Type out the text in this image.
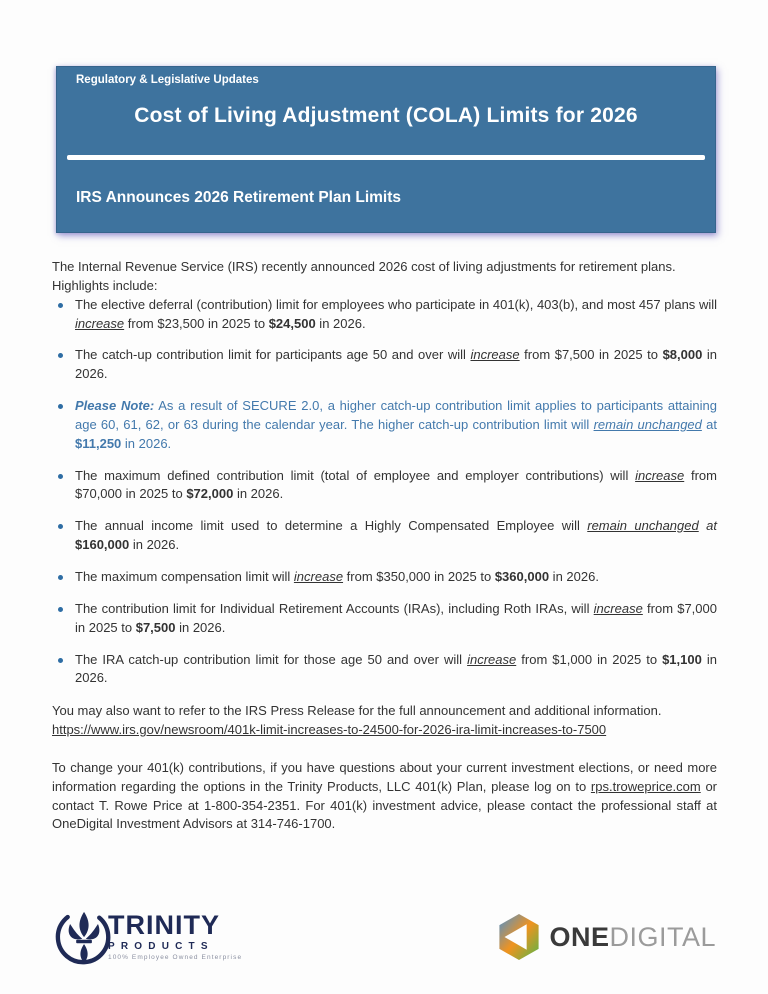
Regulatory & Legislative Updates
Cost of Living Adjustment (COLA) Limits for 2026
IRS Announces 2026 Retirement Plan Limits

The Internal Revenue Service (IRS) recently announced 2026 cost of living adjustments for retirement plans.

Highlights include:

The elective deferral (contribution) limit for employees who participate in 401(k), 403(b), and most 457 plans will increase from $23,500 in 2025 to $24,500 in 2026.
The catch-up contribution limit for participants age 50 and over will increase from $7,500 in 2025 to $8,000 in 2026.
Please Note: As a result of SECURE 2.0, a higher catch-up contribution limit applies to participants attaining age 60, 61, 62, or 63 during the calendar year. The higher catch-up contribution limit will remain unchanged at $11,250 in 2026.
The maximum defined contribution limit (total of employee and employer contributions) will increase from $70,000 in 2025 to $72,000 in 2026.
The annual income limit used to determine a Highly Compensated Employee will remain unchanged at $160,000 in 2026.
The maximum compensation limit will increase from $350,000 in 2025 to $360,000 in 2026.
The contribution limit for Individual Retirement Accounts (IRAs), including Roth IRAs, will increase from $7,000 in 2025 to $7,500 in 2026.
The IRA catch-up contribution limit for those age 50 and over will increase from $1,000 in 2025 to $1,100 in 2026.

You may also want to refer to the IRS Press Release for the full announcement and additional information.

https://www.irs.gov/newsroom/401k-limit-increases-to-24500-for-2026-ira-limit-increases-to-7500

To change your 401(k) contributions, if you have questions about your current investment elections, or need more information regarding the options in the Trinity Products, LLC 401(k) Plan, please log on to rps.troweprice.com or contact T. Rowe Price at 1-800-354-2351. For 401(k) investment advice, please contact the professional staff at OneDigital Investment Advisors at 314-746-1700.

TRINITY
PRODUCTS
100% Employee Owned Enterprise
ONEDIGITAL
